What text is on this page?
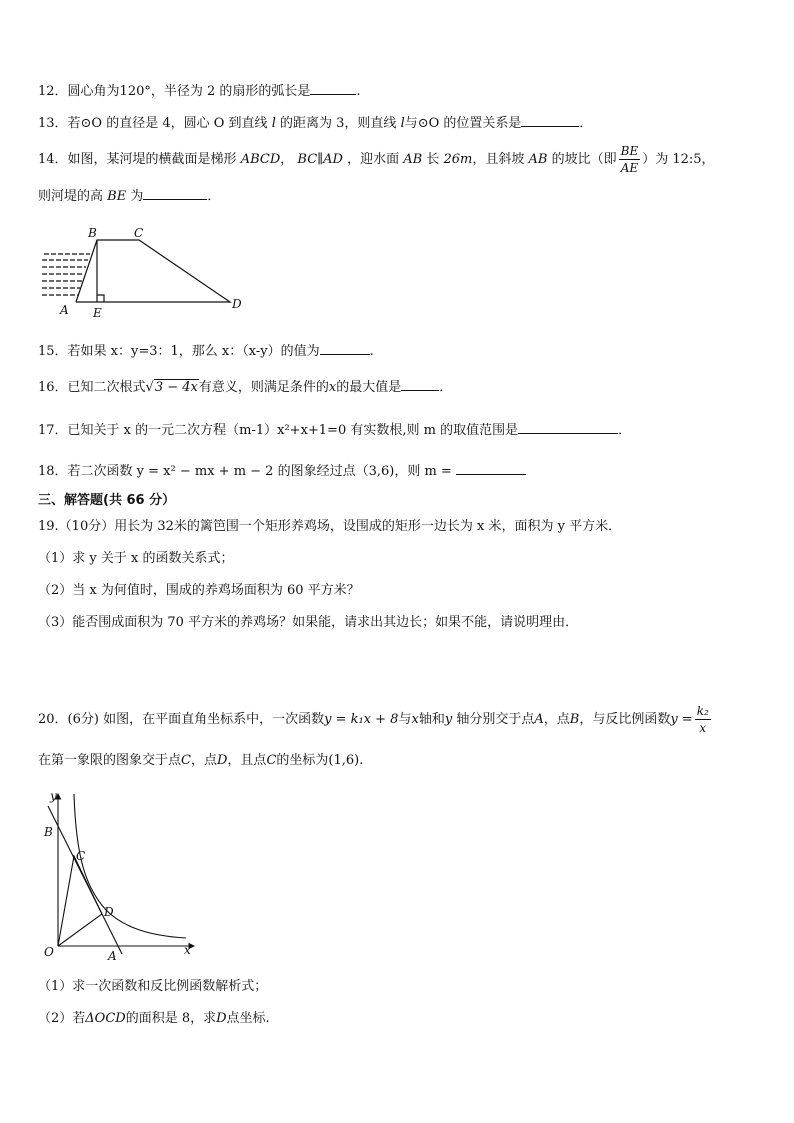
12．圆心角为120°，半径为 2 的扇形的弧长是	.
13．若⊙O 的直径是 4，圆心 O 到直线 l 的距离为 3，则直线 l与⊙O 的位置关系是	．
14．如图，某河堤的横截面是梯形 ABCD， BC∥AD ，迎水面 AB 长 26m，且斜坡 AB 的坡比（即 $\frac{BE}{AE}$ ）为 12:5，
则河堤的高 BE 为	．
B	C
A E
D
15．若如果 x：y=3：1，那么 x：（x-y）的值为	.
16．已知二次根式√3 − 4x有意义，则满足条件的x的最大值是	．
17．已知关于 x 的一元二次方程（m-1）x²+x+1=0 有实数根,则 m 的取值范围是	．
18．若二次函数 y = x² − mx + m − 2 的图象经过点（3,6)，则 m =
三、解答题(共 66 分）
19.（10分）用长为 32米的篱笆围一个矩形养鸡场，设围成的矩形一边长为 x 米，面积为 y 平方米．
（1）求 y 关于 x 的函数关系式；
（2）当 x 为何值时，围成的养鸡场面积为 60 平方米？
（3）能否围成面积为 70 平方米的养鸡场？如果能，请求出其边长；如果不能，请说明理由．
20．(6分) 如图，在平面直角坐标系中，一次函数y = k₁x + 8与x轴和y 轴分别交于点A，点B，与反比例函数$y = \frac{\text{k₂}}{x}$
在第一象限的图象交于点C，点D，且点C的坐标为(1,6).
y
x
B
C
D
O	A
（1）求一次函数和反比例函数解析式；
（2）若ΔOCD的面积是 8，求D点坐标.
